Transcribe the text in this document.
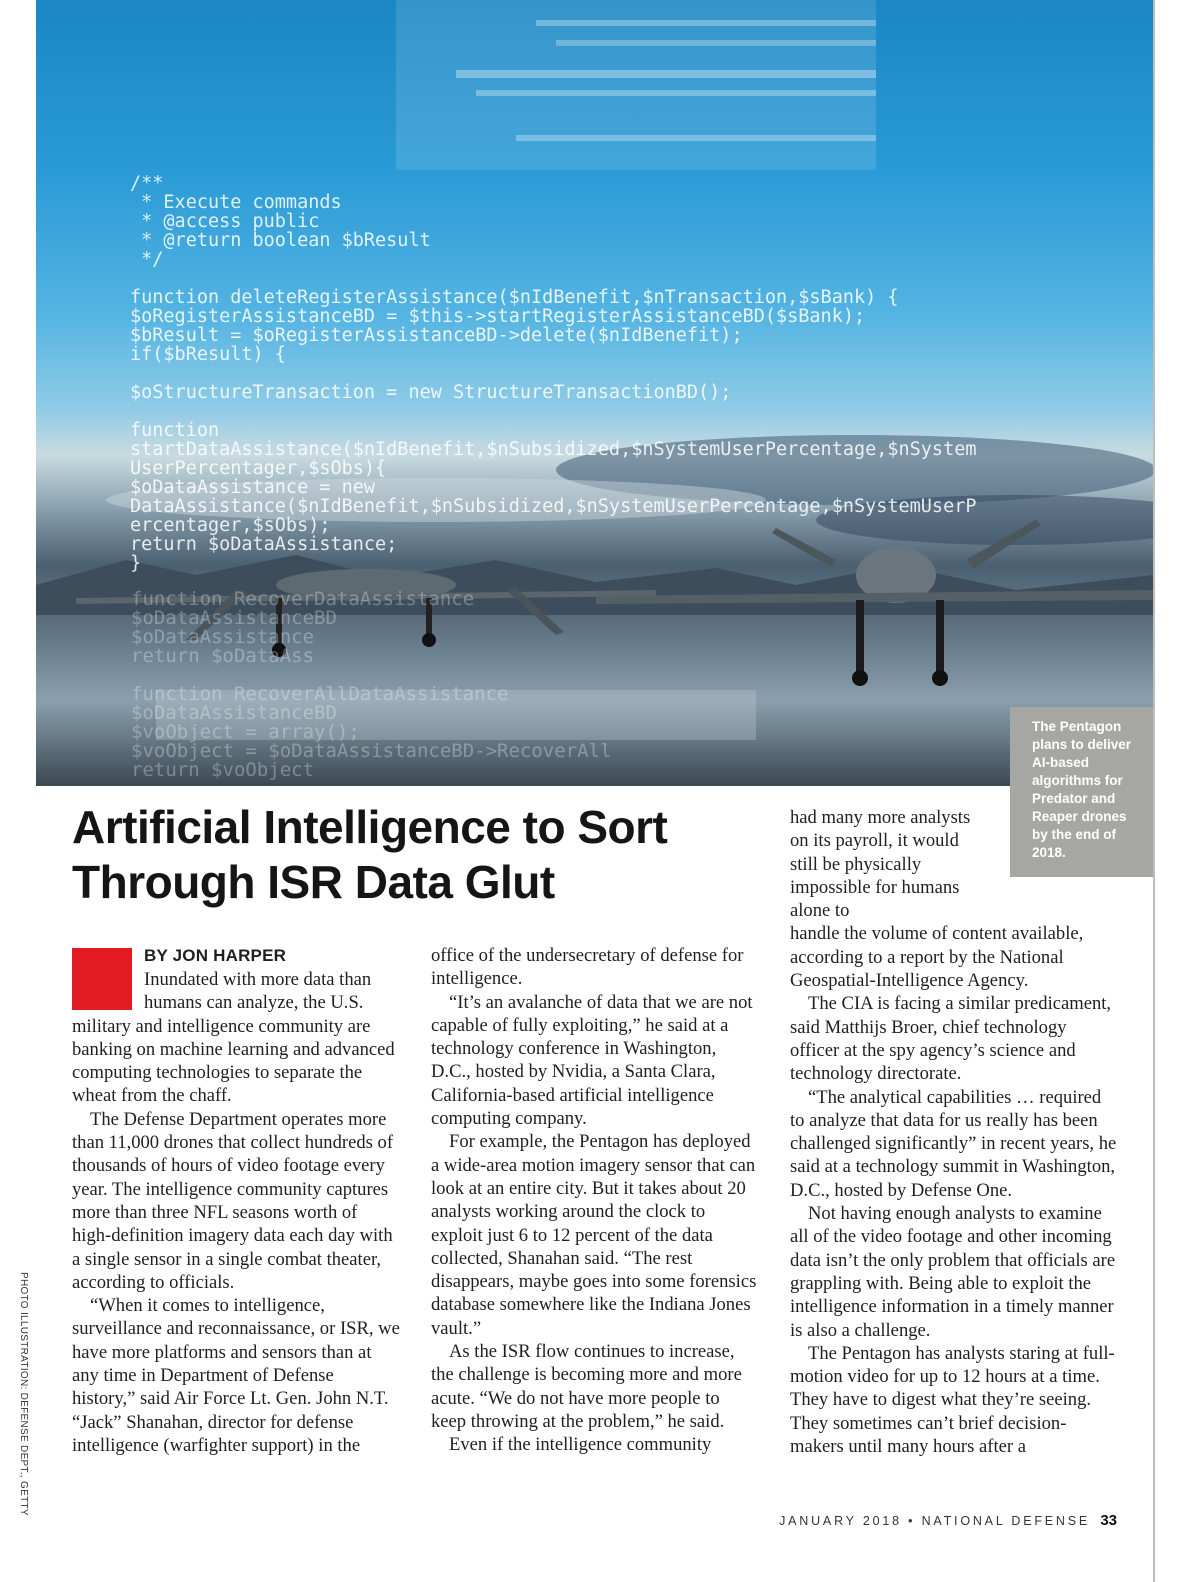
function RecoverDataAssistance
$oDataAssistanceBD
$oDataAssistance
return $oDataAss

function RecoverAllDataAssistance
$oDataAssistanceBD
$voObject = array();
$voObject = $oDataAssistanceBD->RecoverAll
return $voObject
/**
* Execute commands
* @access public
* @return boolean $bResult
*/

function deleteRegisterAssistance($nIdBenefit,$nTransaction,$sBank) {
$oRegisterAssistanceBD = $this->startRegisterAssistanceBD($sBank);
$bResult = $oRegisterAssistanceBD->delete($nIdBenefit);
if($bResult) {

$oStructureTransaction = new StructureTransactionBD();

function
startDataAssistance($nIdBenefit,$nSubsidized,$nSystemUserPercentage,$nSystem
UserPercentager,$sObs){
$oDataAssistance = new
DataAssistance($nIdBenefit,$nSubsidized,$nSystemUserPercentage,$nSystemUserP
ercentager,$sObs);
return $oDataAssistance;
}
The Pentagon plans to deliver AI-based algorithms for Predator and Reaper drones by the end of 2018.
Artificial Intelligence to Sort Through ISR Data Glut
BY JON HARPER

Inundated with more data than humans can analyze, the U.S. military and intelligence community are banking on machine learning and advanced computing technologies to separate the wheat from the chaff.

The Defense Department operates more than 11,000 drones that collect hundreds of thousands of hours of video footage every year. The intelligence community captures more than three NFL seasons worth of high-definition imagery data each day with a single sensor in a single combat theater, according to officials.

“When it comes to intelligence, surveillance and reconnaissance, or ISR, we have more platforms and sensors than at any time in Department of Defense history,” said Air Force Lt. Gen. John N.T. “Jack” Shanahan, director for defense intelligence (warfighter support) in the

office of the undersecretary of defense for intelligence.

“It’s an avalanche of data that we are not capable of fully exploiting,” he said at a technology conference in Washington, D.C., hosted by Nvidia, a Santa Clara, California-based artificial intelligence computing company.

For example, the Pentagon has deployed a wide-area motion imagery sensor that can look at an entire city. But it takes about 20 analysts working around the clock to exploit just 6 to 12 percent of the data collected, Shanahan said. “The rest disappears, maybe goes into some forensics database somewhere like the Indiana Jones vault.”

As the ISR flow continues to increase, the challenge is becoming more and more acute. “We do not have more people to keep throwing at the problem,” he said.

Even if the intelligence community

had many more analysts on its payroll, it would still be physically impossible for humans alone to

handle the volume of content available, according to a report by the National Geospatial-Intelligence Agency.

The CIA is facing a similar predicament, said Matthijs Broer, chief technology officer at the spy agency’s science and technology directorate.

“The analytical capabilities … required to analyze that data for us really has been challenged significantly” in recent years, he said at a technology summit in Washington, D.C., hosted by Defense One.

Not having enough analysts to examine all of the video footage and other incoming data isn’t the only problem that officials are grappling with. Being able to exploit the intelligence information in a timely manner is also a challenge.

The Pentagon has analysts staring at full-motion video for up to 12 hours at a time. They have to digest what they’re seeing. They sometimes can’t brief decision-makers until many hours after a

PHOTO ILLUSTRATION: DEFENSE DEPT., GETTY
JANUARY 2018 • NATIONAL DEFENSE 33
